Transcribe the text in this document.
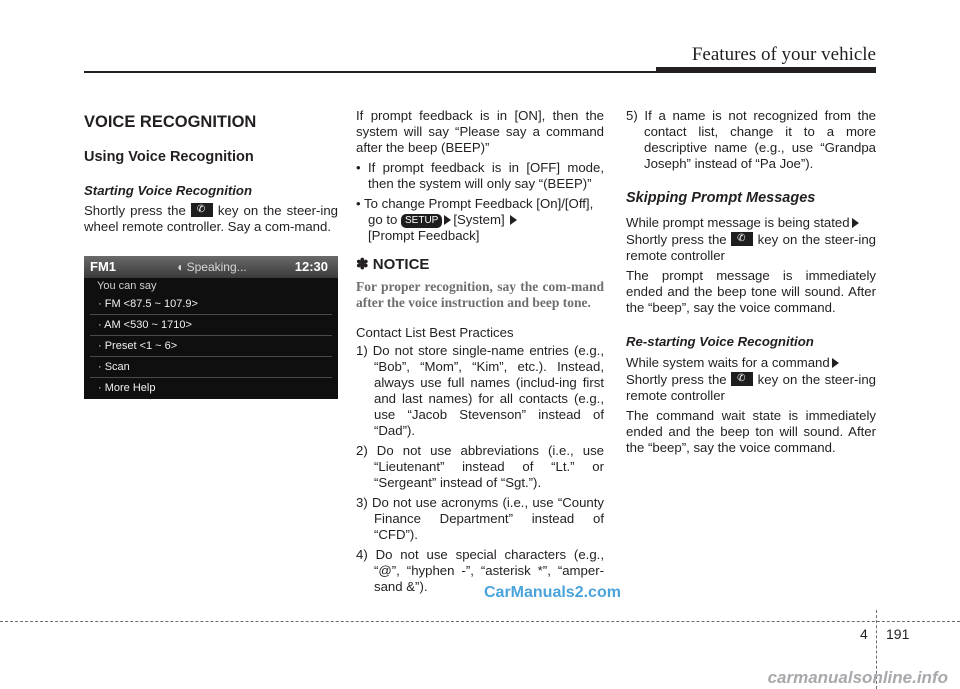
Features of your vehicle
VOICE RECOGNITION
Using Voice Recognition
Starting Voice Recognition

Shortly press the ✆ key on the steer-ing wheel remote controller. Say a com-mand.

FM1	◖ Speaking...	12:30
You can say
· FM <87.5 ~ 107.9>
· AM <530 ~ 1710>
· Preset <1 ~ 6>
· Scan
· More Help

If prompt feedback is in [ON], then the system will say “Please say a command after the beep (BEEP)”

• If prompt feedback is in [OFF] mode, then the system will only say “(BEEP)”

• To change Prompt Feedback [On]/[Off], go to SETUP [System]
[Prompt Feedback]

✽ NOTICE

For proper recognition, say the com-mand after the voice instruction and beep tone.

Contact List Best Practices

1) Do not store single-name entries (e.g., “Bob”, “Mom”, “Kim”, etc.). Instead, always use full names (includ-ing first and last names) for all contacts (e.g., use “Jacob Stevenson” instead of “Dad”).

2) Do not use abbreviations (i.e., use “Lieutenant” instead of “Lt.” or “Sergeant” instead of “Sgt.”).

3) Do not use acronyms (i.e., use “County Finance Department” instead of “CFD”).

4) Do not use special characters (e.g., “@”, “hyphen -”, “asterisk *”, “amper-sand &”).

5) If a name is not recognized from the contact list, change it to a more descriptive name (e.g., use “Grandpa Joseph” instead of “Pa Joe”).

Skipping Prompt Messages

While prompt message is being stated

Shortly press the ✆ key on the steer-ing remote controller

The prompt message is immediately ended and the beep tone will sound. After the “beep”, say the voice command.

Re-starting Voice Recognition

While system waits for a command

Shortly press the ✆ key on the steer-ing remote controller

The command wait state is immediately ended and the beep ton will sound. After the “beep”, say the voice command.

CarManuals2.com
4 191
carmanualsonline.info
